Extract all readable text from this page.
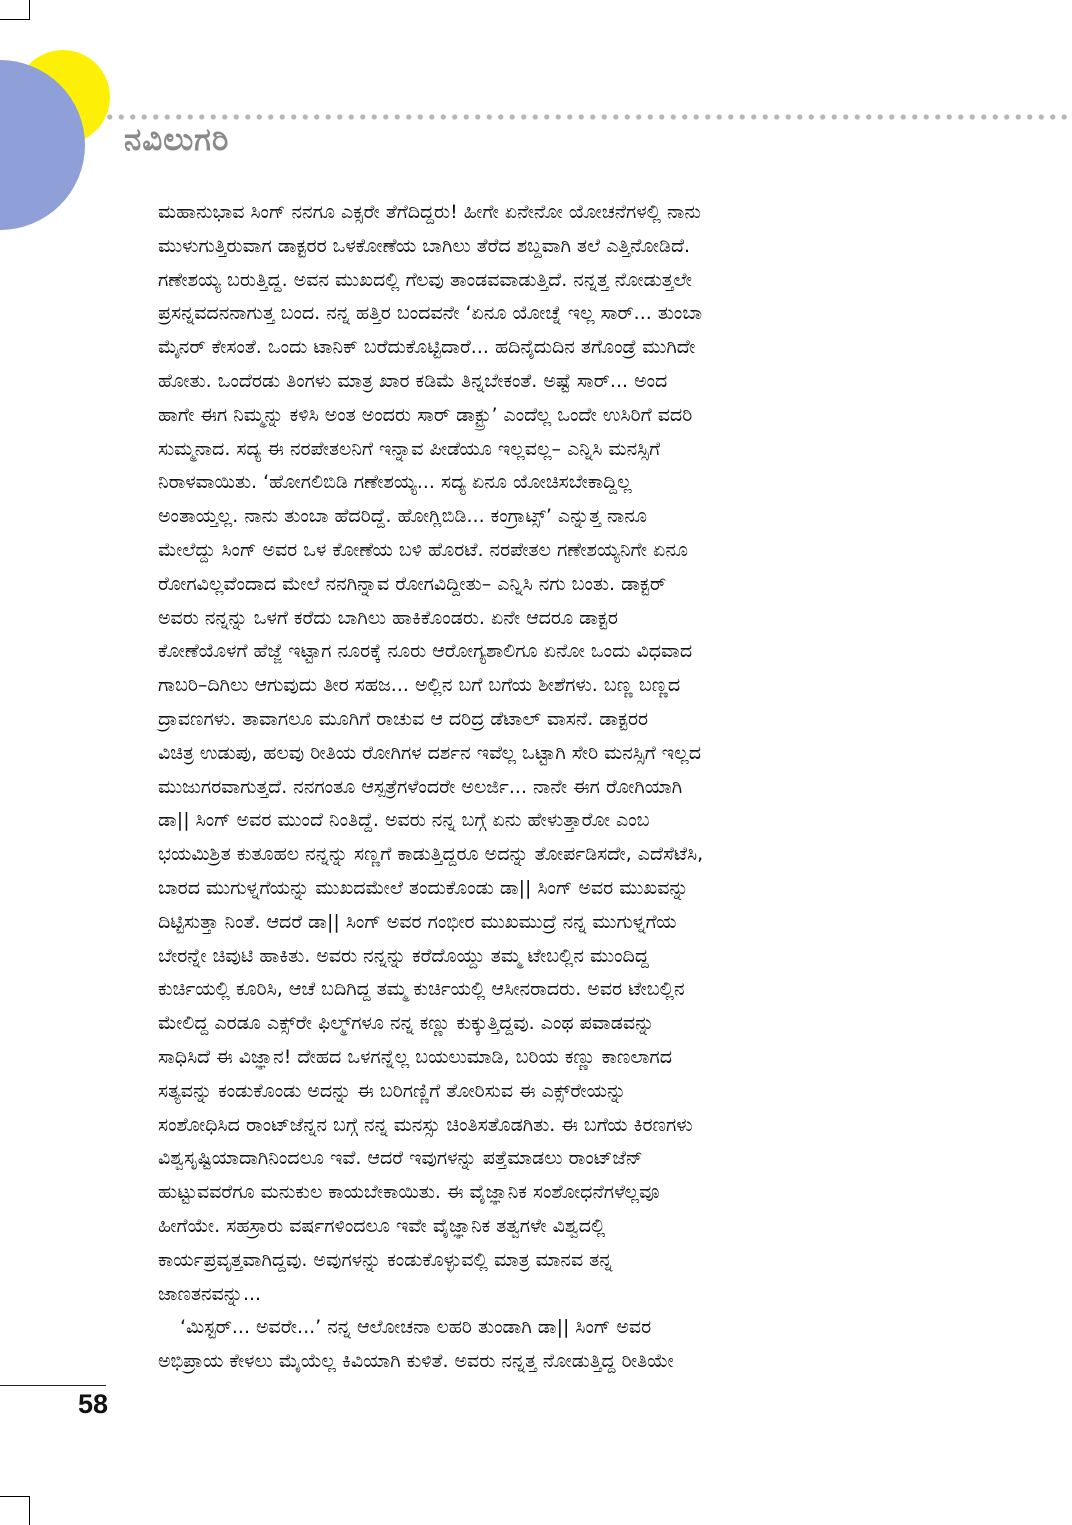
ನವಿಲುಗರಿ

ಮಹಾನುಭಾವ ಸಿಂಗ್ ನನಗೂ ಎಕ್ಸರೇ ತೆಗೆದಿದ್ದರು! ಹೀಗೇ ಏನೇನೋ ಯೋಚನೆಗಳಲ್ಲಿ ನಾನು
ಮುಳುಗುತ್ತಿರುವಾಗ ಡಾಕ್ಟರರ ಒಳಕೋಣೆಯ ಬಾಗಿಲು ತೆರೆದ ಶಬ್ದವಾಗಿ ತಲೆ ಎತ್ತಿನೋಡಿದೆ.
ಗಣೇಶಯ್ಯ ಬರುತ್ತಿದ್ದ. ಅವನ ಮುಖದಲ್ಲಿ ಗೆಲವು ತಾಂಡವವಾಡುತ್ತಿದೆ. ನನ್ನತ್ತ ನೋಡುತ್ತಲೇ
ಪ್ರಸನ್ನವದನನಾಗುತ್ತ ಬಂದ. ನನ್ನ ಹತ್ತಿರ ಬಂದವನೇ ‘ಏನೂ ಯೋಚ್ನೆ ಇಲ್ಲ ಸಾರ್... ತುಂಬಾ
ಮೈನರ್ ಕೇಸಂತೆ. ಒಂದು ಟಾನಿಕ್ ಬರೆದುಕೊಟ್ಟಿದಾರೆ... ಹದಿನೈದುದಿನ ತಗೊಂಡ್ರೆ ಮುಗಿದೇ
ಹೋತು. ಒಂದೆರಡು ತಿಂಗಳು ಮಾತ್ರ ಖಾರ ಕಡಿಮೆ ತಿನ್ನಬೇಕಂತೆ. ಅಷ್ಟೆ ಸಾರ್... ಅಂದ
ಹಾಗೇ ಈಗ ನಿಮ್ಮನ್ನು ಕಳಿಸಿ ಅಂತ ಅಂದರು ಸಾರ್ ಡಾಕ್ಟ್ರು’ ಎಂದೆಲ್ಲ ಒಂದೇ ಉಸಿರಿಗೆ ವದರಿ
ಸುಮ್ಮನಾದ. ಸದ್ಯ ಈ ನರಪೇತಲನಿಗೆ ಇನ್ನಾವ ಪೀಡೆಯೂ ಇಲ್ಲವಲ್ಲ– ಎನ್ನಿಸಿ ಮನಸ್ಸಿಗೆ
ನಿರಾಳವಾಯಿತು. ‘ಹೋಗಲಿಬಿಡಿ ಗಣೇಶಯ್ಯ... ಸದ್ಯ ಏನೂ ಯೋಚಿಸಬೇಕಾದ್ದಿಲ್ಲ
ಅಂತಾಯ್ತಲ್ಲ. ನಾನು ತುಂಬಾ ಹೆದರಿದ್ದೆ. ಹೋಗ್ಲಿಬಿಡಿ... ಕಂಗ್ರಾಟ್ಸ್’ ಎನ್ನುತ್ತ ನಾನೂ
ಮೇಲೆದ್ದು ಸಿಂಗ್ ಅವರ ಒಳ ಕೋಣೆಯ ಬಳಿ ಹೊರಟೆ. ನರಪೇತಲ ಗಣೇಶಯ್ಯನಿಗೇ ಏನೂ
ರೋಗವಿಲ್ಲವೆಂದಾದ ಮೇಲೆ ನನಗಿನ್ನಾವ ರೋಗವಿದ್ದೀತು– ಎನ್ನಿಸಿ ನಗು ಬಂತು. ಡಾಕ್ಟರ್
ಅವರು ನನ್ನನ್ನು ಒಳಗೆ ಕರೆದು ಬಾಗಿಲು ಹಾಕಿಕೊಂಡರು. ಏನೇ ಆದರೂ ಡಾಕ್ಟರ
ಕೋಣೆಯೊಳಗೆ ಹೆಜ್ಜೆ ಇಟ್ಟಾಗ ನೂರಕ್ಕೆ ನೂರು ಆರೋಗ್ಯಶಾಲಿಗೂ ಏನೋ ಒಂದು ವಿಧವಾದ
ಗಾಬರಿ–ದಿಗಿಲು ಆಗುವುದು ತೀರ ಸಹಜ... ಅಲ್ಲಿನ ಬಗೆ ಬಗೆಯ ಶೀಶೆಗಳು. ಬಣ್ಣ ಬಣ್ಣದ
ದ್ರಾವಣಗಳು. ತಾವಾಗಲೂ ಮೂಗಿಗೆ ರಾಚುವ ಆ ದರಿದ್ರ ಡೆಟಾಲ್ ವಾಸನೆ. ಡಾಕ್ಟರರ
ವಿಚಿತ್ರ ಉಡುಪು, ಹಲವು ರೀತಿಯ ರೋಗಿಗಳ ದರ್ಶನ ಇವೆಲ್ಲ ಒಟ್ಟಾಗಿ ಸೇರಿ ಮನಸ್ಸಿಗೆ ಇಲ್ಲದ
ಮುಜುಗರವಾಗುತ್ತದೆ. ನನಗಂತೂ ಆಸ್ಪತ್ರೆಗಳೆಂದರೇ ಅಲರ್ಜಿ... ನಾನೇ ಈಗ ರೋಗಿಯಾಗಿ
ಡಾ|| ಸಿಂಗ್ ಅವರ ಮುಂದೆ ನಿಂತಿದ್ದೆ. ಅವರು ನನ್ನ ಬಗ್ಗೆ ಏನು ಹೇಳುತ್ತಾರೋ ಎಂಬ
ಭಯಮಿಶ್ರಿತ ಕುತೂಹಲ ನನ್ನನ್ನು ಸಣ್ಣಗೆ ಕಾಡುತ್ತಿದ್ದರೂ ಅದನ್ನು ತೋರ್ಪಡಿಸದೇ, ಎದೆಸೆಟೆಸಿ,
ಬಾರದ ಮುಗುಳ್ನಗೆಯನ್ನು ಮುಖದಮೇಲೆ ತಂದುಕೊಂಡು ಡಾ|| ಸಿಂಗ್ ಅವರ ಮುಖವನ್ನು
ದಿಟ್ಟಿಸುತ್ತಾ ನಿಂತೆ. ಆದರೆ ಡಾ|| ಸಿಂಗ್ ಅವರ ಗಂಭೀರ ಮುಖಮುದ್ರೆ ನನ್ನ ಮುಗುಳ್ನಗೆಯ
ಬೇರನ್ನೇ ಚಿವುಟಿ ಹಾಕಿತು. ಅವರು ನನ್ನನ್ನು ಕರೆದೊಯ್ದು ತಮ್ಮ ಟೇಬಲ್ಲಿನ ಮುಂದಿದ್ದ
ಕುರ್ಚಿಯಲ್ಲಿ ಕೂರಿಸಿ, ಆಚೆ ಬದಿಗಿದ್ದ ತಮ್ಮ ಕುರ್ಚಿಯಲ್ಲಿ ಆಸೀನರಾದರು. ಅವರ ಟೇಬಲ್ಲಿನ
ಮೇಲಿದ್ದ ಎರಡೂ ಎಕ್ಸ್‌ರೇ ಫಿಲ್ಮ್‌ಗಳೂ ನನ್ನ ಕಣ್ಣು ಕುಕ್ಕುತ್ತಿದ್ದವು. ಎಂಥ ಪವಾಡವನ್ನು
ಸಾಧಿಸಿದೆ ಈ ವಿಜ್ಞಾನ! ದೇಹದ ಒಳಗನ್ನೆಲ್ಲ ಬಯಲುಮಾಡಿ, ಬರಿಯ ಕಣ್ಣು ಕಾಣಲಾಗದ
ಸತ್ಯವನ್ನು ಕಂಡುಕೊಂಡು ಅದನ್ನು ಈ ಬರಿಗಣ್ಣಿಗೆ ತೋರಿಸುವ ಈ ಎಕ್ಸ್‌ರೇಯನ್ನು
ಸಂಶೋಧಿಸಿದ ರಾಂಟ್‌ಜೆನ್ನನ ಬಗ್ಗೆ ನನ್ನ ಮನಸ್ಸು ಚಿಂತಿಸತೊಡಗಿತು. ಈ ಬಗೆಯ ಕಿರಣಗಳು
ವಿಶ್ವಸೃಷ್ಟಿಯಾದಾಗಿನಿಂದಲೂ ಇವೆ. ಆದರೆ ಇವುಗಳನ್ನು ಪತ್ತೆಮಾಡಲು ರಾಂಟ್‌ಜೆನ್
ಹುಟ್ಟುವವರೆಗೂ ಮನುಕುಲ ಕಾಯಬೇಕಾಯಿತು. ಈ ವೈಜ್ಞಾನಿಕ ಸಂಶೋಧನೆಗಳೆಲ್ಲವೂ
ಹೀಗೆಯೇ. ಸಹಸ್ರಾರು ವರ್ಷಗಳಿಂದಲೂ ಇವೇ ವೈಜ್ಞಾನಿಕ ತತ್ವಗಳೇ ವಿಶ್ವದಲ್ಲಿ
ಕಾರ್ಯಪ್ರವೃತ್ತವಾಗಿದ್ದವು. ಅವುಗಳನ್ನು ಕಂಡುಕೊಳ್ಳುವಲ್ಲಿ ಮಾತ್ರ ಮಾನವ ತನ್ನ
ಜಾಣತನವನ್ನು...

‘ಮಿಸ್ಟರ್... ಅವರೇ...’ ನನ್ನ ಆಲೋಚನಾ ಲಹರಿ ತುಂಡಾಗಿ ಡಾ|| ಸಿಂಗ್ ಅವರ
ಅಭಿಪ್ರಾಯ ಕೇಳಲು ಮೈಯೆಲ್ಲ ಕಿವಿಯಾಗಿ ಕುಳಿತೆ. ಅವರು ನನ್ನತ್ತ ನೋಡುತ್ತಿದ್ದ ರೀತಿಯೇ

58
